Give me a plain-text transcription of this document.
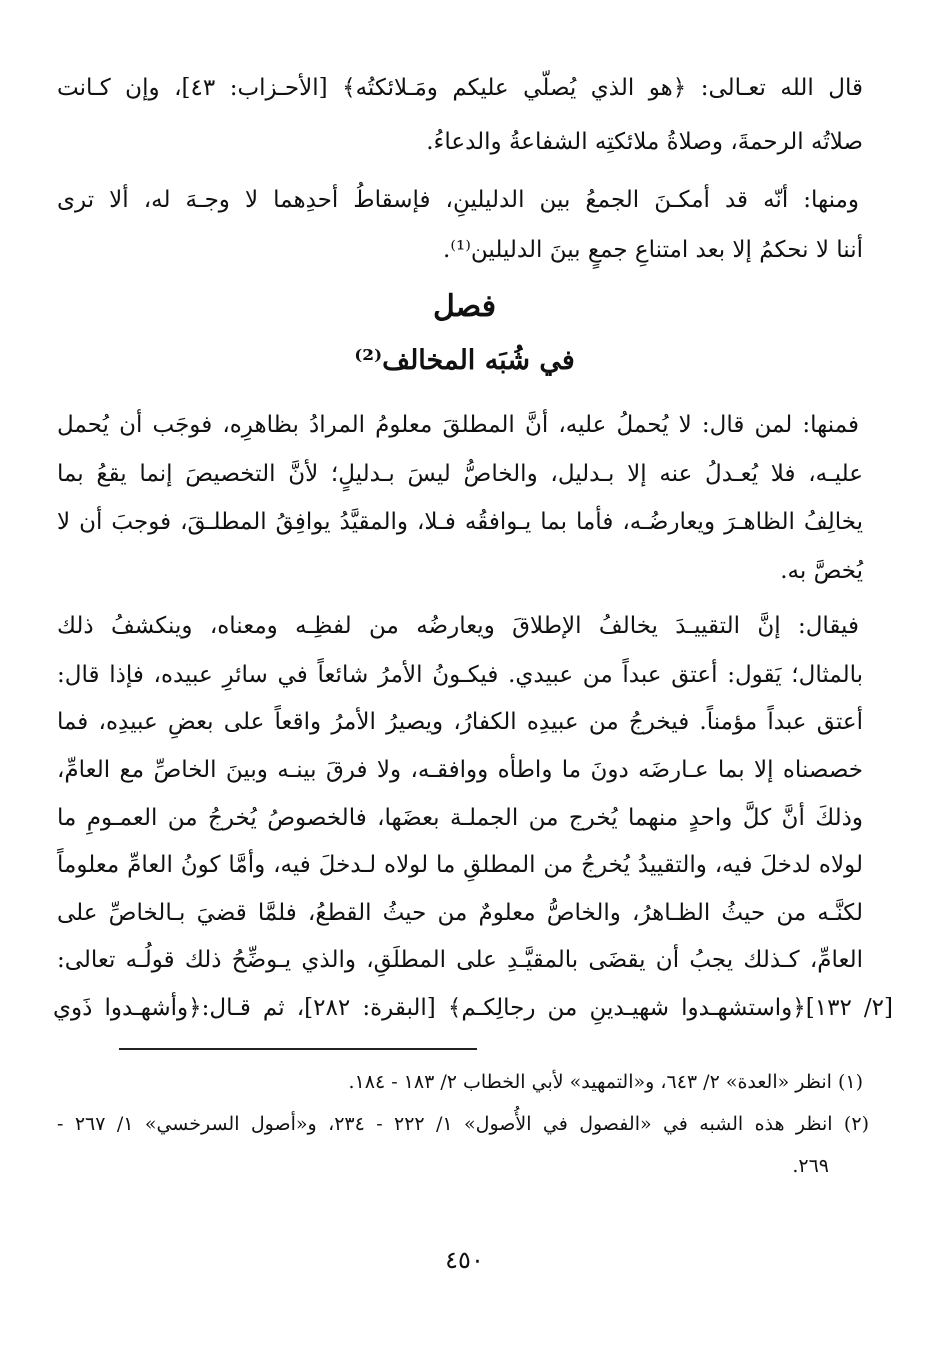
قال الله تعـالى: ﴿هو الذي يُصلّي عليكم ومَـلائكتُه﴾ [الأحـزاب: ٤٣]، وإن كـانت

صلاتُه الرحمةَ، وصلاةُ ملائكتِه الشفاعةُ والدعاءُ.

ومنها: أنّه قد أمكـنَ الجمعُ بين الدليلينِ، فإسقاطُ أحدِهما لا وجـهَ له، ألا ترى

أننا لا نحكمُ إلا بعد امتناعِ جمعٍ بينَ الدليلين⁽¹⁾.

فصل
في شُبَه المخالف⁽²⁾

فمنها: لمن قال: لا يُحملُ عليه، أنَّ المطلقَ معلومُ المرادُ بظاهرِه، فوجَب أن يُحمل

عليـه، فلا يُعـدلُ عنه إلا بـدليل، والخاصُّ ليسَ بـدليلٍ؛ لأنَّ التخصيصَ إنما يقعُ بما

يخالِفُ الظاهـرَ ويعارضُـه، فأما بما يـوافقُه فـلا، والمقيَّدُ يوافِقُ المطلـقَ، فوجبَ أن لا

يُخصَّ به.

فيقال: إنَّ التقييـدَ يخالفُ الإطلاقَ ويعارضُه من لفظِـه ومعناه، وينكشفُ ذلك

بالمثال؛ يَقول: أعتق عبداً من عبيدي. فيكـونُ الأمرُ شائعاً في سائرِ عبيده، فإذا قال:

أعتق عبداً مؤمناً. فيخرجُ من عبيدِه الكفارُ، ويصيرُ الأمرُ واقعاً على بعضِ عبيدِه، فما

خصصناه إلا بما عـارضَه دونَ ما واطأه ووافقـه، ولا فرقَ بينـه وبينَ الخاصِّ مع العامِّ،

وذلكَ أنَّ كلَّ واحدٍ منهما يُخرج من الجملـة بعضَها، فالخصوصُ يُخرجُ من العمـومِ ما

لولاه لدخلَ فيه، والتقييدُ يُخرجُ من المطلقِ ما لولاه لـدخلَ فيه، وأمَّا كونُ العامِّ معلوماً

لكنَّـه من حيثُ الظـاهرُ، والخاصُّ معلومٌ من حيثُ القطعُ، فلمَّا قضيَ بـالخاصِّ على

العامِّ، كـذلك يجبُ أن يقضَى بالمقيَّـدِ على المطلَقِ، والذي يـوضِّحُ ذلك قولُـه تعالى:

[٢/ ١٣٢]﴿واستشهـدوا شهيـدينِ من رجالِكـم﴾ [البقرة: ٢٨٢]، ثم قـال:﴿وأشهـدوا ذَوي

(١) انظر «العدة» ٢/ ٦٤٣، و«التمهيد» لأبي الخطاب ٢/ ١٨٣ - ١٨٤.

(٢) انظر هذه الشبه في «الفصول في الأُصول» ١/ ٢٢٢ - ٢٣٤، و«أصول السرخسي» ١/ ٢٦٧ -

٢٦٩.

٤٥٠
